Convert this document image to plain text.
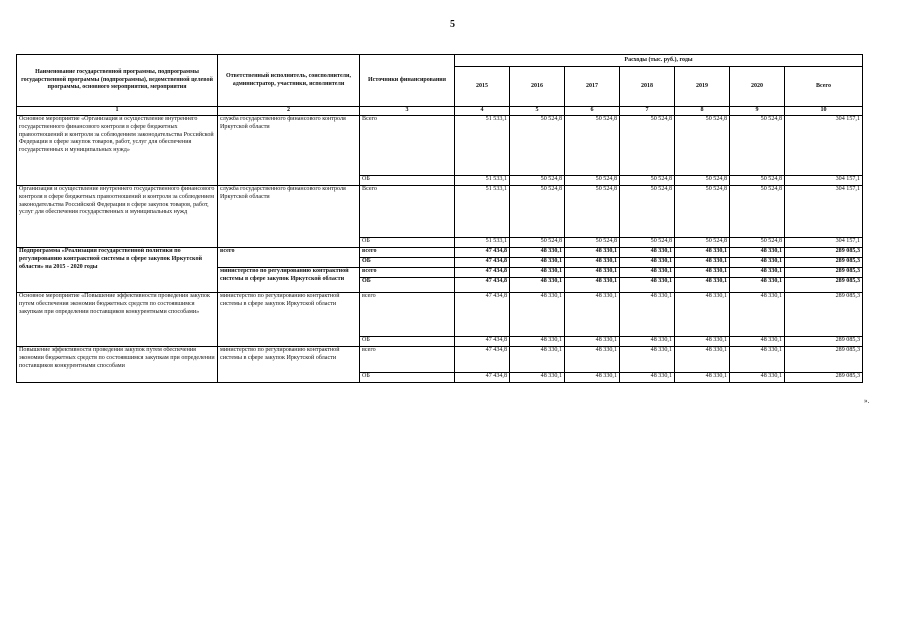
5
Наименование государственной программы, подпрограммы государственной программы (подпрограммы), ведомственной целевой программы, основного мероприятия, мероприятия	Ответственный исполнитель, соисполнители, администратор, участники, исполнители	Источники финансирования	Расходы (тыс. руб.), годы						
			2015	2016	2017	2018	2019	2020	Всего
1	2	3	4	5	6	7	8	9	10
Основное мероприятие «Организация и осуществление внутреннего государственного финансового контроля в сфере бюджетных правоотношений и контроля за соблюдением законодательства Российской Федерации в сфере закупок товаров, работ, услуг для обеспечения государственных и муниципальных нужд»	служба государственного финансового контроля Иркутской области	Всего	51 533,1	50 524,8	50 524,8	50 524,8	50 524,8	50 524,8	304 157,1
		ОБ	51 533,1	50 524,8	50 524,8	50 524,8	50 524,8	50 524,8	304 157,1
Организация и осуществление внутреннего государственного финансового контроля в сфере бюджетных правоотношений и контроля за соблюдением законодательства Российской Федерации в сфере закупок товаров, работ, услуг для обеспечения государственных и муниципальных нужд	служба государственного финансового контроля Иркутской области	Всего	51 533,1	50 524,8	50 524,8	50 524,8	50 524,8	50 524,8	304 157,1
		ОБ	51 533,1	50 524,8	50 524,8	50 524,8	50 524,8	50 524,8	304 157,1
Подпрограмма «Реализация государственной политики по регулированию контрактной системы в сфере закупок Иркутской области» на 2015 - 2020 годы	всего	всего	47 434,8	48 330,1	48 330,1	48 330,1	48 330,1	48 330,1	289 085,3
		ОБ	47 434,8	48 330,1	48 330,1	48 330,1	48 330,1	48 330,1	289 085,3
	министерство по регулированию контрактной системы в сфере закупок Иркутской области	всего	47 434,8	48 330,1	48 330,1	48 330,1	48 330,1	48 330,1	289 085,3
		ОБ	47 434,8	48 330,1	48 330,1	48 330,1	48 330,1	48 330,1	289 085,3
Основное мероприятие «Повышение эффективности проведения закупок путем обеспечения экономии бюджетных средств по состоявшимся закупкам при определении поставщиков конкурентными способами»	министерство по регулированию контрактной системы в сфере закупок Иркутской области	всего	47 434,8	48 330,1	48 330,1	48 330,1	48 330,1	48 330,1	289 085,3
		ОБ	47 434,8	48 330,1	48 330,1	48 330,1	48 330,1	48 330,1	289 085,3
Повышение эффективности проведения закупок путем обеспечения экономии бюджетных средств по состоявшимся закупкам при определении поставщиков конкурентными способами	министерство по регулированию контрактной системы в сфере закупок Иркутской области	всего	47 434,8	48 330,1	48 330,1	48 330,1	48 330,1	48 330,1	289 085,3
		ОБ	47 434,8	48 330,1	48 330,1	48 330,1	48 330,1	48 330,1	289 085,3
».
